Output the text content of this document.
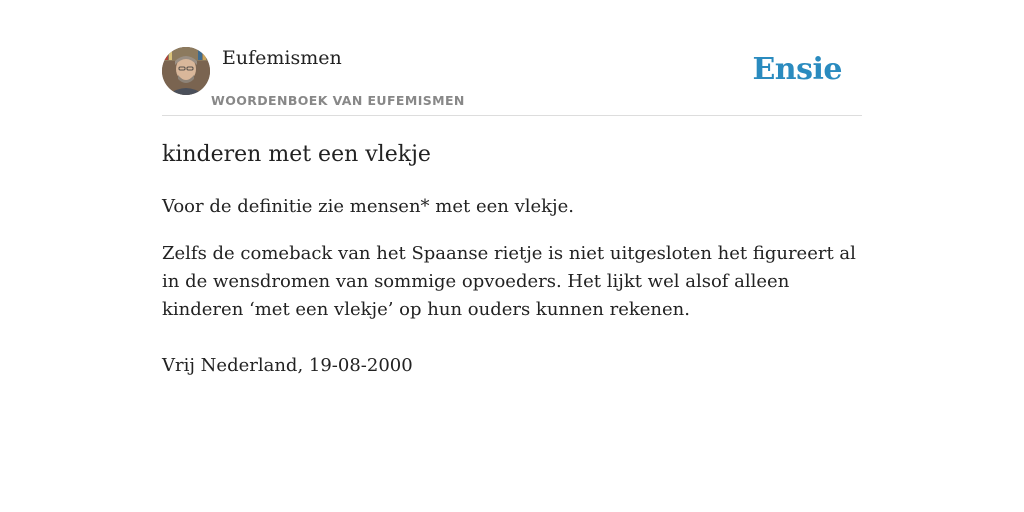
Eufemismen
WOORDENBOEK VAN EUFEMISMEN
Ensie
kinderen met een vlekje

Voor de definitie zie mensen* met een vlekje.

Zelfs de comeback van het Spaanse rietje is niet uitgesloten het figureert al in de wensdromen van sommige opvoeders. Het lijkt wel alsof alleen kinderen ‘met een vlekje’ op hun ouders kunnen rekenen.

Vrij Nederland, 19-08-2000
